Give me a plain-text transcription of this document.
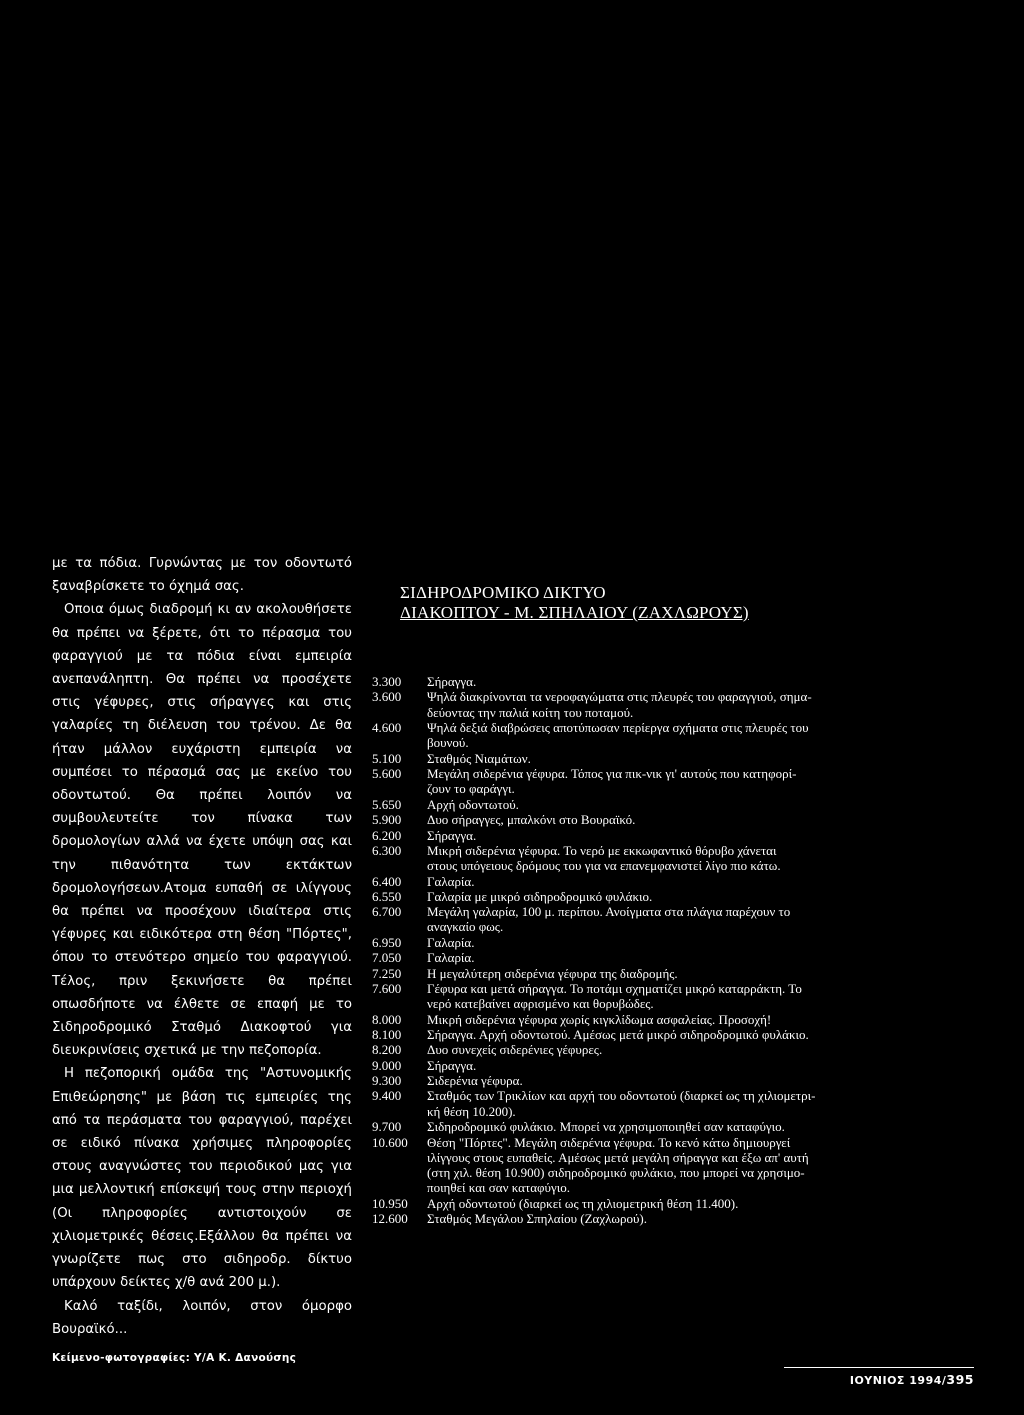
με τα πόδια. Γυρνώντας με τον οδοντωτό ξαναβρίσκετε το όχημά σας.

Οποια όμως διαδρομή κι αν ακολουθήσετε θα πρέπει να ξέρετε, ότι το πέρασμα του φαραγγιού με τα πόδια είναι εμπειρία ανεπανάληπτη. Θα πρέπει να προσέχετε στις γέφυρες, στις σήραγγες και στις γαλαρίες τη διέλευση του τρένου. Δε θα ήταν μάλλον ευχάριστη εμπειρία να συμπέσει το πέρασμά σας με εκείνο του οδοντωτού. Θα πρέπει λοιπόν να συμβουλευτείτε τον πίνακα των δρομολογίων αλλά να έχετε υπόψη σας και την πιθανότητα των εκτάκτων δρομολογήσεων.Ατομα ευπαθή σε ιλίγγους θα πρέπει να προσέχουν ιδιαίτερα στις γέφυρες και ειδικότερα στη θέση "Πόρτες", όπου το στενότερο σημείο του φαραγγιού. Τέλος, πριν ξεκινήσετε θα πρέπει οπωσδήποτε να έλθετε σε επαφή με το Σιδηροδρομικό Σταθμό Διακοφτού για διευκρινίσεις σχετικά με την πεζοπορία.

Η πεζοπορική ομάδα της "Αστυνομικής Επιθεώρησης" με βάση τις εμπειρίες της από τα περάσματα του φαραγγιού, παρέχει σε ειδικό πίνακα χρήσιμες πληροφορίες στους αναγνώστες του περιοδικού μας για μια μελλοντική επίσκεψή τους στην περιοχή (Οι πληροφορίες αντιστοιχούν σε χιλιομετρικές θέσεις.Εξάλλου θα πρέπει να γνωρίζετε πως στο σιδηροδρ. δίκτυο υπάρχουν δείκτες χ/θ ανά 200 μ.).

Καλό ταξίδι, λοιπόν, στον όμορφο Βουραϊκό...

Κείμενο-φωτογραφίες: Υ/Α Κ. Δανούσης
ΣΙΔΗΡΟΔΡΟΜΙΚΟ ΔΙΚΤΥΟ
ΔΙΑΚΟΠΤΟΥ - Μ. ΣΠΗΛΑΙΟΥ (ΖΑΧΛΩΡΟΥΣ)
3.300	Σήραγγα.
3.600	Ψηλά διακρίνονται τα νεροφαγώματα στις πλευρές του φαραγγιού, σημα-
δεύοντας την παλιά κοίτη του ποταμού.
4.600	Ψηλά δεξιά διαβρώσεις αποτύπωσαν περίεργα σχήματα στις πλευρές του
βουνού.
5.100	Σταθμός Νιαμάτων.
5.600	Μεγάλη σιδερένια γέφυρα. Τόπος για πικ-νικ γι' αυτούς που κατηφορί-
ζουν το φαράγγι.
5.650	Αρχή οδοντωτού.
5.900	Δυο σήραγγες, μπαλκόνι στο Βουραϊκό.
6.200	Σήραγγα.
6.300	Μικρή σιδερένια γέφυρα. Το νερό με εκκωφαντικό θόρυβο χάνεται
στους υπόγειους δρόμους του για να επανεμφανιστεί λίγο πιο κάτω.
6.400	Γαλαρία.
6.550	Γαλαρία με μικρό σιδηροδρομικό φυλάκιο.
6.700	Μεγάλη γαλαρία, 100 μ. περίπου. Ανοίγματα στα πλάγια παρέχουν το
αναγκαίο φως.
6.950	Γαλαρία.
7.050	Γαλαρία.
7.250	Η μεγαλύτερη σιδερένια γέφυρα της διαδρομής.
7.600	Γέφυρα και μετά σήραγγα. Το ποτάμι σχηματίζει μικρό καταρράκτη. Το
νερό κατεβαίνει αφρισμένο και θορυβώδες.
8.000	Μικρή σιδερένια γέφυρα χωρίς κιγκλίδωμα ασφαλείας. Προσοχή!
8.100	Σήραγγα. Αρχή οδοντωτού. Αμέσως μετά μικρό σιδηροδρομικό φυλάκιο.
8.200	Δυο συνεχείς σιδερένιες γέφυρες.
9.000	Σήραγγα.
9.300	Σιδερένια γέφυρα.
9.400	Σταθμός των Τρικλίων και αρχή του οδοντωτού (διαρκεί ως τη χιλιομετρι-
κή θέση 10.200).
9.700	Σιδηροδρομικό φυλάκιο. Μπορεί να χρησιμοποιηθεί σαν καταφύγιο.
10.600	Θέση "Πόρτες". Μεγάλη σιδερένια γέφυρα. Το κενό κάτω δημιουργεί
ιλίγγους στους ευπαθείς. Αμέσως μετά μεγάλη σήραγγα και έξω απ' αυτή
(στη χιλ. θέση 10.900) σιδηροδρομικό φυλάκιο, που μπορεί να χρησιμο-
ποιηθεί και σαν καταφύγιο.
10.950	Αρχή οδοντωτού (διαρκεί ως τη χιλιομετρική θέση 11.400).
12.600	Σταθμός Μεγάλου Σπηλαίου (Ζαχλωρού).
ΙΟΥΝΙΟΣ 1994/395
